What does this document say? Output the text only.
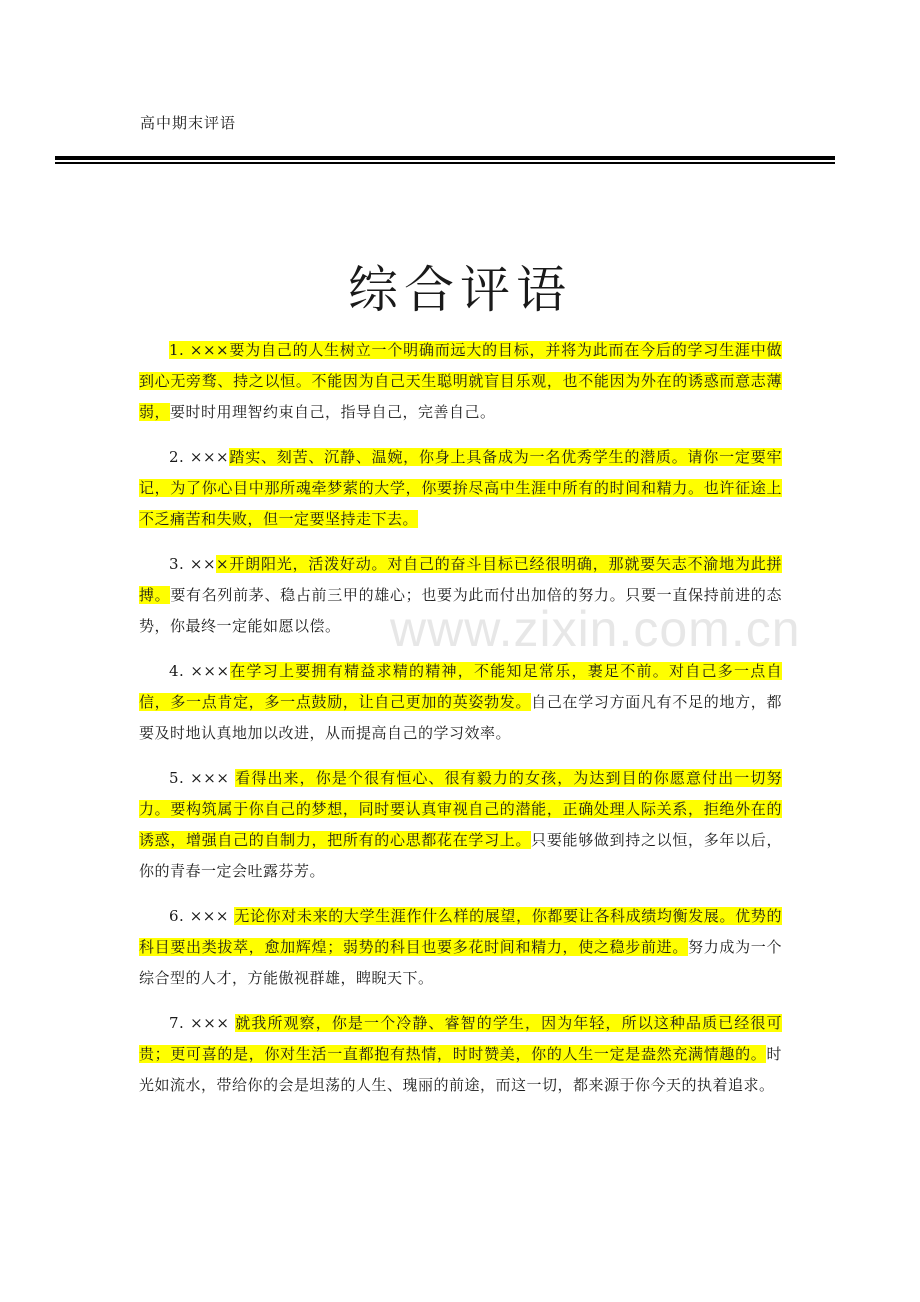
高中期末评语
综合评语
www.zixin.com.cn

1. ×××要为自己的人生树立一个明确而远大的目标，并将为此而在今后的学习生涯中做到心无旁骛、持之以恒。不能因为自己天生聪明就盲目乐观，也不能因为外在的诱惑而意志薄弱，要时时用理智约束自己，指导自己，完善自己。

2. ×××踏实、刻苦、沉静、温婉，你身上具备成为一名优秀学生的潜质。请你一定要牢记，为了你心目中那所魂牵梦萦的大学，你要拚尽高中生涯中所有的时间和精力。也许征途上不乏痛苦和失败，但一定要坚持走下去。

3. ×××开朗阳光，活泼好动。对自己的奋斗目标已经很明确，那就要矢志不渝地为此拼搏。要有名列前茅、稳占前三甲的雄心；也要为此而付出加倍的努力。只要一直保持前进的态势，你最终一定能如愿以偿。

4. ×××在学习上要拥有精益求精的精神，不能知足常乐，裹足不前。对自己多一点自信，多一点肯定，多一点鼓励，让自己更加的英姿勃发。自己在学习方面凡有不足的地方，都要及时地认真地加以改进，从而提高自己的学习效率。

5. ××× 看得出来，你是个很有恒心、很有毅力的女孩，为达到目的你愿意付出一切努力。要构筑属于你自己的梦想，同时要认真审视自己的潜能，正确处理人际关系，拒绝外在的诱惑，增强自己的自制力，把所有的心思都花在学习上。只要能够做到持之以恒，多年以后，你的青春一定会吐露芬芳。

6. ××× 无论你对未来的大学生涯作什么样的展望，你都要让各科成绩均衡发展。优势的科目要出类拔萃，愈加辉煌；弱势的科目也要多花时间和精力，使之稳步前进。努力成为一个综合型的人才，方能傲视群雄，睥睨天下。

7. ××× 就我所观察，你是一个冷静、睿智的学生，因为年轻，所以这种品质已经很可贵；更可喜的是，你对生活一直都抱有热情，时时赞美，你的人生一定是盎然充满情趣的。时光如流水，带给你的会是坦荡的人生、瑰丽的前途，而这一切，都来源于你今天的执着追求。
